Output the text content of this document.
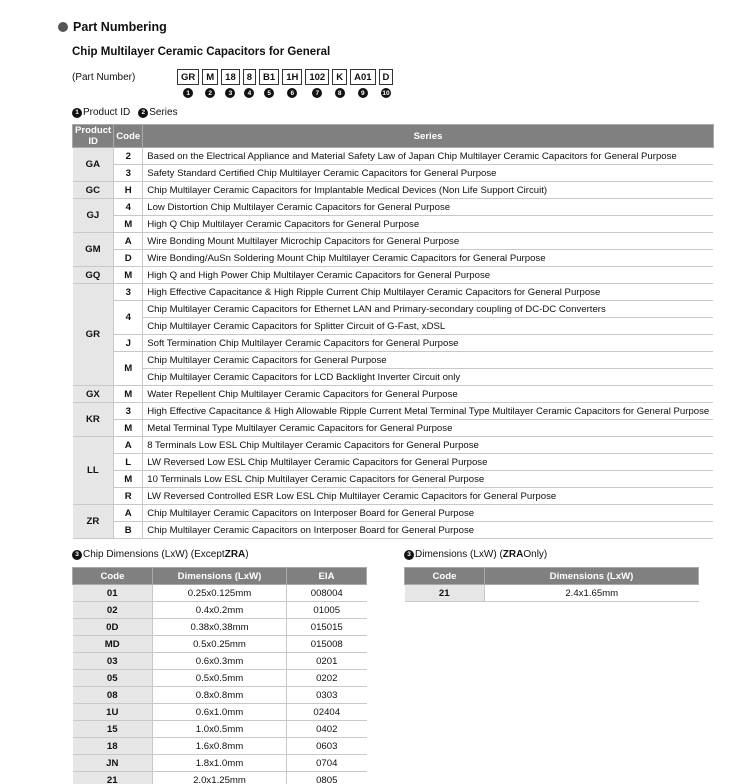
Part Numbering
Chip Multilayer Ceramic Capacitors for General
(Part Number)	GR
1
M
2
18
3
8
4
B1
5
1H
6
102
7
K
8
A01
9
D
10
1 Product ID	2 Series
Product ID	Code	Series
GA	2	Based on the Electrical Appliance and Material Safety Law of Japan Chip Multilayer Ceramic Capacitors for General Purpose
	3	Safety Standard Certified Chip Multilayer Ceramic Capacitors for General Purpose
GC	H	Chip Multilayer Ceramic Capacitors for Implantable Medical Devices (Non Life Support Circuit)
GJ	4	Low Distortion Chip Multilayer Ceramic Capacitors for General Purpose
	M	High Q Chip Multilayer Ceramic Capacitors for General Purpose
GM	A	Wire Bonding Mount Multilayer Microchip Capacitors for General Purpose
	D	Wire Bonding/AuSn Soldering Mount Chip Multilayer Ceramic Capacitors for General Purpose
GQ	M	High Q and High Power Chip Multilayer Ceramic Capacitors for General Purpose
GR	3	High Effective Capacitance & High Ripple Current Chip Multilayer Ceramic Capacitors for General Purpose
	4	Chip Multilayer Ceramic Capacitors for Ethernet LAN and Primary-secondary coupling of DC-DC Converters
		Chip Multilayer Ceramic Capacitors for Splitter Circuit of G-Fast, xDSL
	J	Soft Termination Chip Multilayer Ceramic Capacitors for General Purpose
	M	Chip Multilayer Ceramic Capacitors for General Purpose
		Chip Multilayer Ceramic Capacitors for LCD Backlight Inverter Circuit only
GX	M	Water Repellent Chip Multilayer Ceramic Capacitors for General Purpose
KR	3	High Effective Capacitance & High Allowable Ripple Current Metal Terminal Type Multilayer Ceramic Capacitors for General Purpose
	M	Metal Terminal Type Multilayer Ceramic Capacitors for General Purpose
LL	A	8 Terminals Low ESL Chip Multilayer Ceramic Capacitors for General Purpose
	L	LW Reversed Low ESL Chip Multilayer Ceramic Capacitors for General Purpose
	M	10 Terminals Low ESL Chip Multilayer Ceramic Capacitors for General Purpose
	R	LW Reversed Controlled ESR Low ESL Chip Multilayer Ceramic Capacitors for General Purpose
ZR	A	Chip Multilayer Ceramic Capacitors on Interposer Board for General Purpose
	B	Chip Multilayer Ceramic Capacitors on Interposer Board for General Purpose
3 Chip Dimensions (LxW) (Except ZRA )	3 Dimensions (LxW) ( ZRA Only)
Code	Dimensions (LxW)	EIA
01	0.25x0.125mm	008004
02	0.4x0.2mm	01005
0D	0.38x0.38mm	015015
MD	0.5x0.25mm	015008
03	0.6x0.3mm	0201
05	0.5x0.5mm	0202
08	0.8x0.8mm	0303
1U	0.6x1.0mm	02404
15	1.0x0.5mm	0402
18	1.6x0.8mm	0603
JN	1.8x1.0mm	0704
21	2.0x1.25mm	0805
Code	Dimensions (LxW)
21	2.4x1.65mm
